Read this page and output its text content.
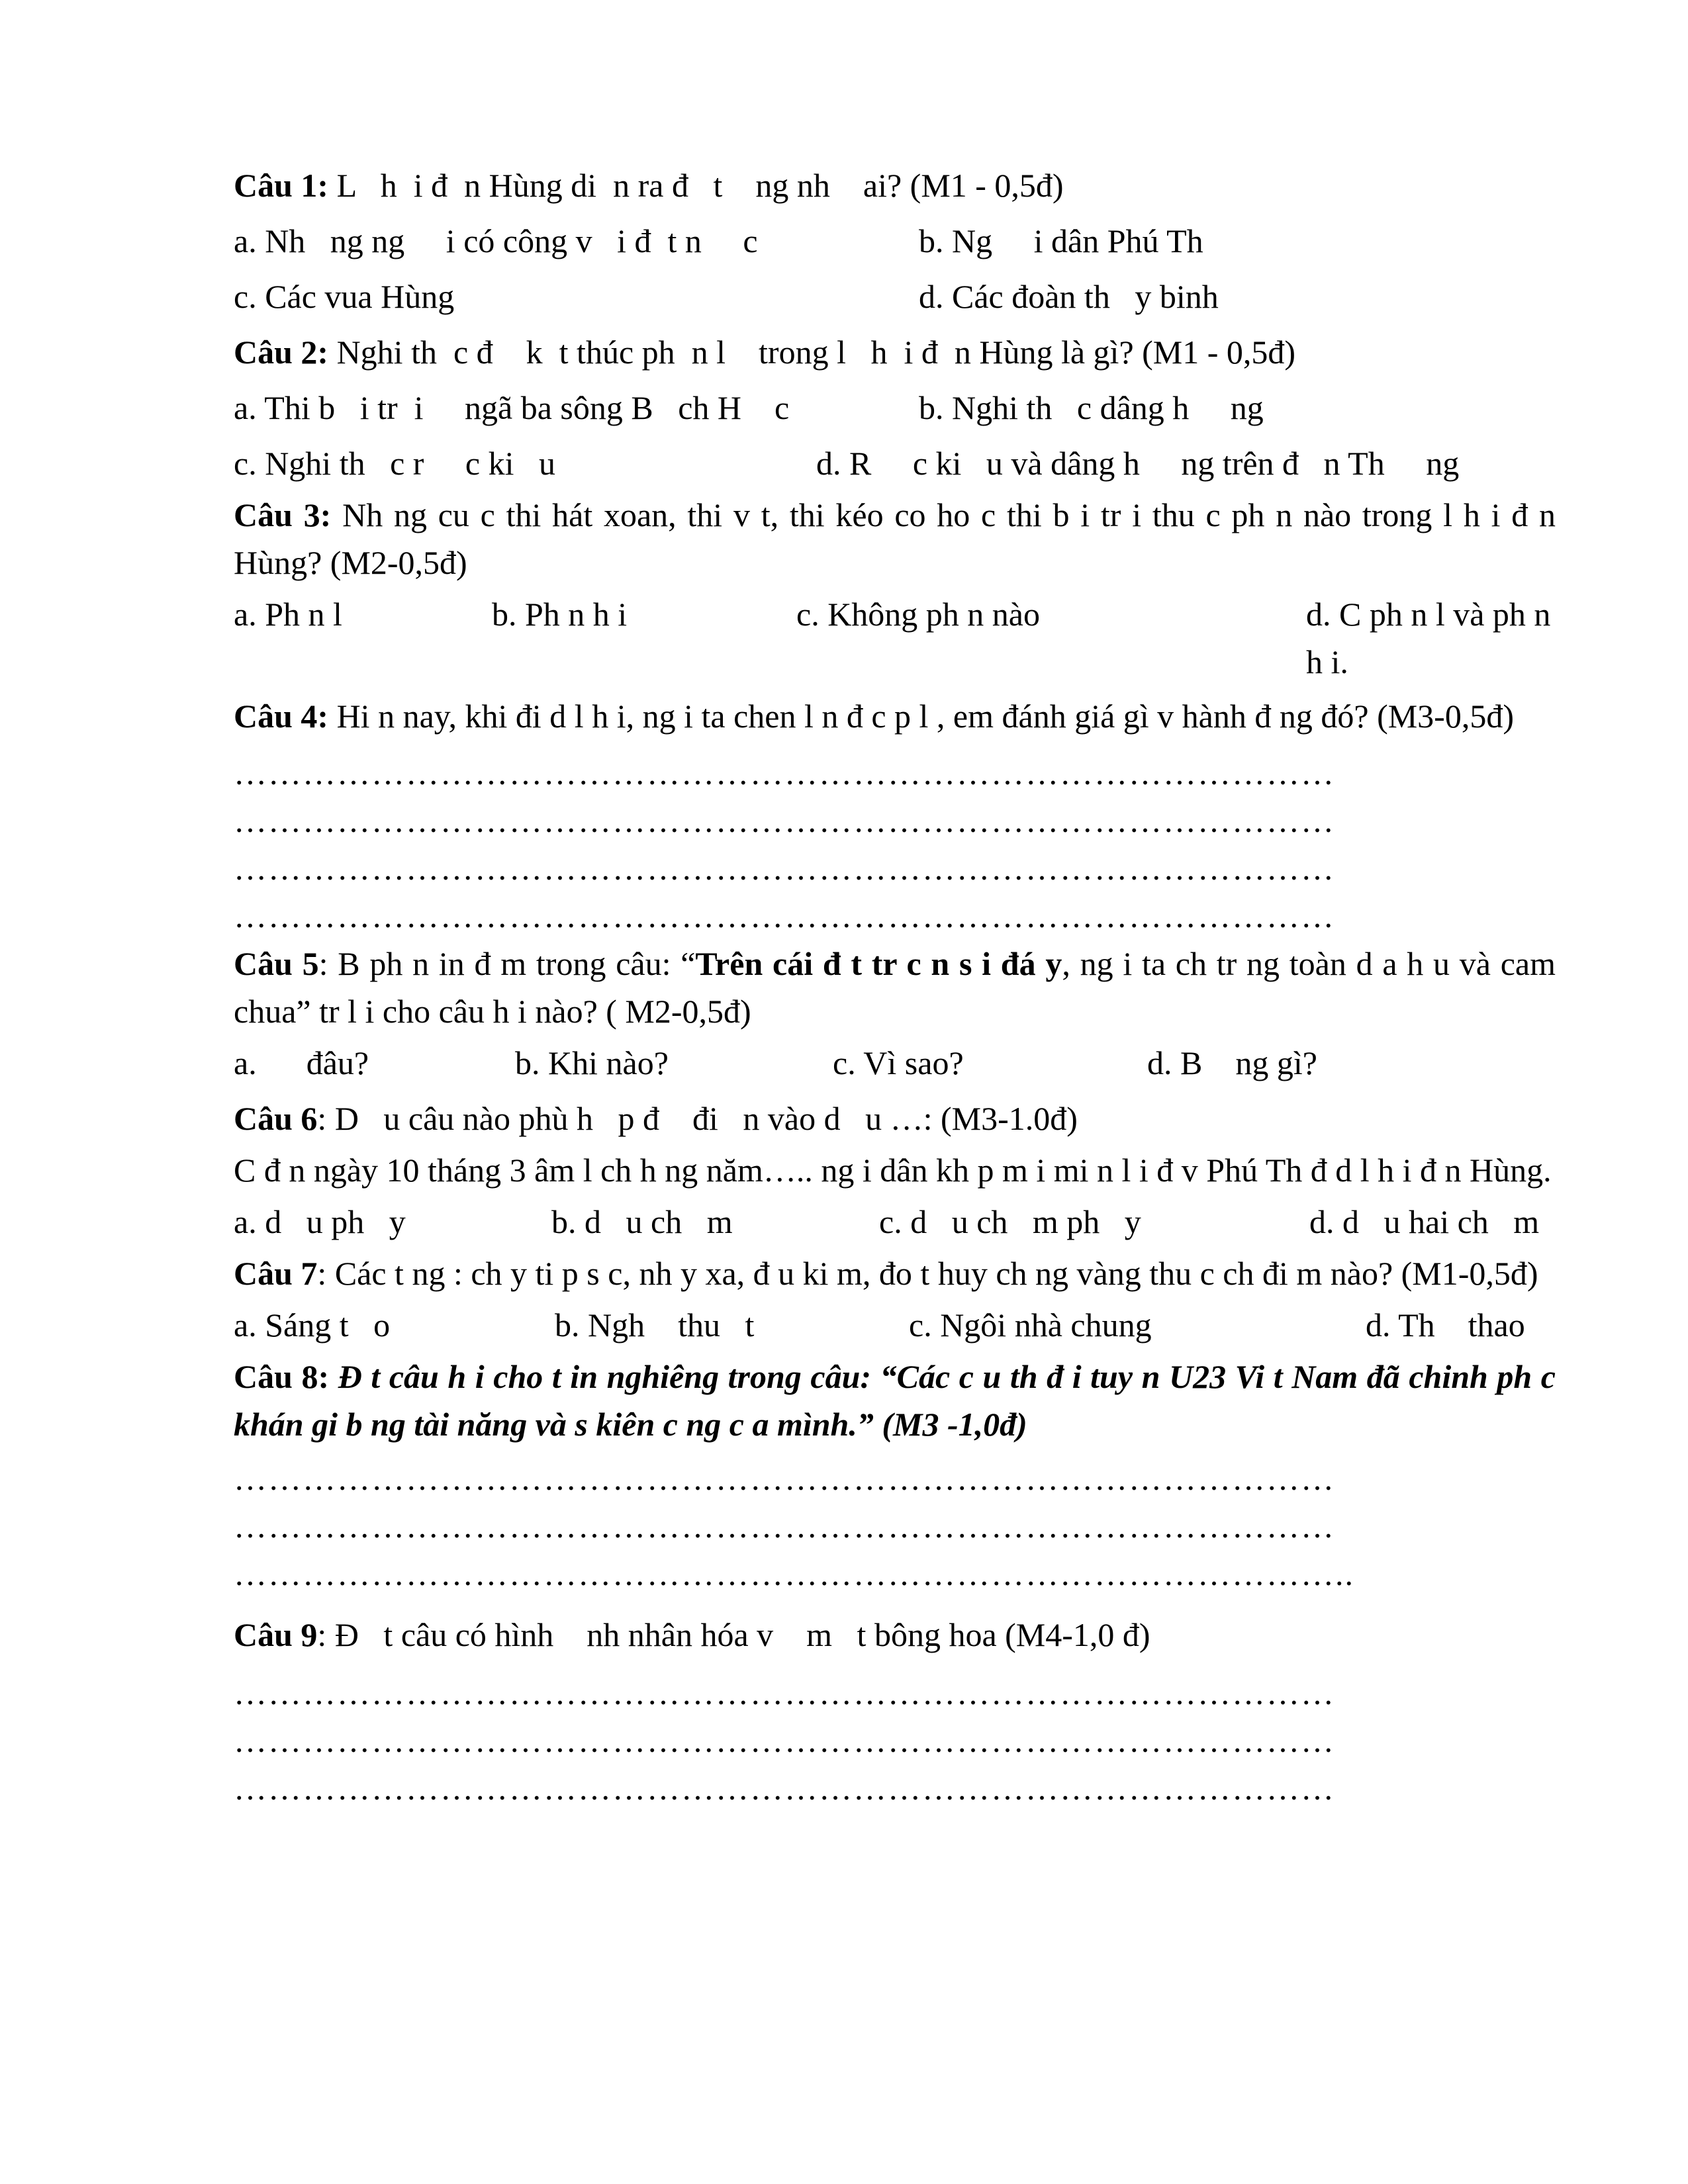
Câu 1: L   h  i đ  n Hùng di  n ra đ   t    ng nh    ai? (M1 - 0,5đ)

a. Nh   ng ng     i có công v   i đ  t n     c	b. Ng     i dân Phú Th
c. Các vua Hùng	d. Các đoàn th   y binh

Câu 2: Nghi th  c đ    k  t thúc ph  n l    trong l   h  i đ  n Hùng là gì? (M1 - 0,5đ)

a. Thi b   i tr  i     ngã ba sông B   ch H    c	b. Nghi th   c dâng h     ng
c. Nghi th   c r     c ki   u	d. R     c ki   u và dâng h     ng trên đ   n Th     ng

Câu 3: Nh ng cu c thi hát xoan, thi v t, thi kéo co ho c thi b i tr i thu c ph n nào trong l h i đ n Hùng? (M2-0,5đ)

a. Ph n l	b. Ph n h i	c. Không ph n nào	d. C ph n l và ph n h i.

Câu 4: Hi n nay, khi đi d l h i, ng i ta chen l n đ c p l , em đánh giá gì v hành đ ng đó? (M3-0,5đ)

……………………………………………………………………………………
……………………………………………………………………………………
……………………………………………………………………………………
……………………………………………………………………………………

Câu 5: B ph n in đ m trong câu: “Trên cái đ t tr c n s i đá y, ng i ta ch tr ng toàn d a h u và cam chua” tr l i cho câu h i nào? ( M2-0,5đ)

a.      đâu?	b. Khi nào?	c. Vì sao?	d. B    ng gì?

Câu 6: D   u câu nào phù h   p đ    đi   n vào d   u …: (M3-1.0đ)

C đ n ngày 10 tháng 3 âm l ch h ng năm….. ng i dân kh p m i mi n l i đ v Phú Th đ d l h i đ n Hùng.

a. d   u ph   y	b. d   u ch   m	c. d   u ch   m ph   y	d. d   u hai ch   m

Câu 7: Các t ng : ch y ti p s c, nh y xa, đ u ki m, đo t huy ch ng vàng thu c ch đi m nào? (M1-0,5đ)

a. Sáng t   o	b. Ngh    thu   t	c. Ngôi nhà chung	d. Th    thao

Câu 8: Đ t câu h i cho t in nghiêng trong câu: “Các c u th đ i tuy n U23 Vi t Nam đã chinh ph c khán gi b ng tài năng và s kiên c ng c a mình.” (M3 -1,0đ)

……………………………………………………………………………………
……………………………………………………………………………………
……………………………………………………………………………………..

Câu 9: Đ   t câu có hình    nh nhân hóa v    m   t bông hoa (M4-1,0 đ)

……………………………………………………………………………………
……………………………………………………………………………………
……………………………………………………………………………………
